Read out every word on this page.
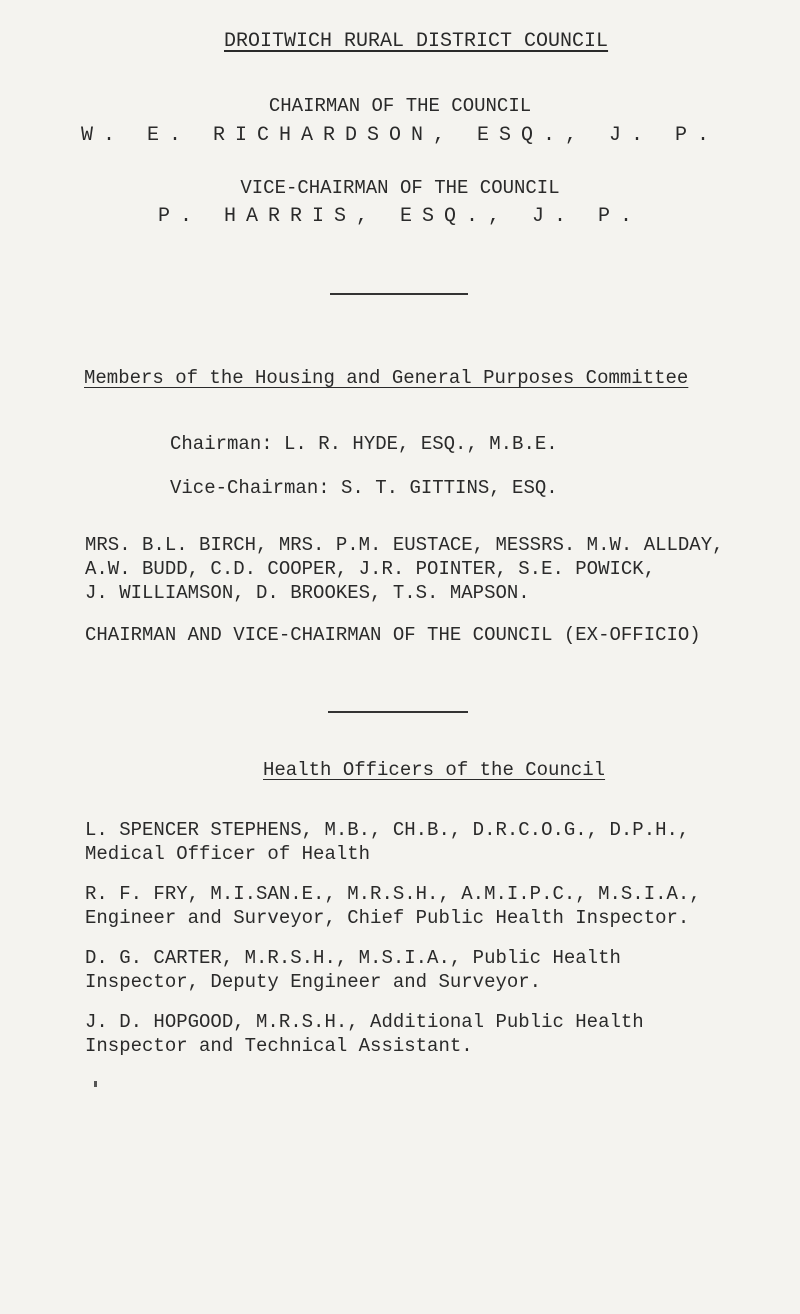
DROITWICH RURAL DISTRICT COUNCIL
CHAIRMAN OF THE COUNCIL
W. E. RICHARDSON, ESQ., J. P.
VICE-CHAIRMAN OF THE COUNCIL
P. HARRIS, ESQ., J. P.
Members of the Housing and General Purposes Committee
Chairman: L. R. HYDE, ESQ., M.B.E.
Vice-Chairman: S. T. GITTINS, ESQ.
MRS. B.L. BIRCH, MRS. P.M. EUSTACE, MESSRS. M.W. ALLDAY,
A.W. BUDD, C.D. COOPER, J.R. POINTER, S.E. POWICK,
J. WILLIAMSON, D. BROOKES, T.S. MAPSON.
CHAIRMAN AND VICE-CHAIRMAN OF THE COUNCIL (EX-OFFICIO)
Health Officers of the Council
L. SPENCER STEPHENS, M.B., CH.B., D.R.C.O.G., D.P.H.,
Medical Officer of Health
R. F. FRY, M.I.SAN.E., M.R.S.H., A.M.I.P.C., M.S.I.A.,
Engineer and Surveyor, Chief Public Health Inspector.
D. G. CARTER, M.R.S.H., M.S.I.A., Public Health
Inspector, Deputy Engineer and Surveyor.
J. D. HOPGOOD, M.R.S.H., Additional Public Health
Inspector and Technical Assistant.
